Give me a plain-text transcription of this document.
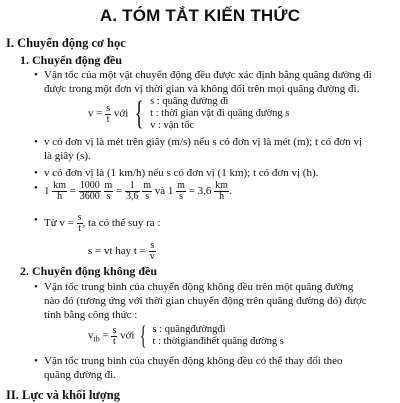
A. TÓM TẮT KIẾN THỨC
I. Chuyển động cơ học
1. Chuyển động đều
• Vận tốc của một vật chuyển động đều được xác định bằng quãng đường đi
được trong một đơn vị thời gian và không đổi trên mọi quãng đường đi.
$v = \frac{s}{t}$ với { s : quãng đường đi
t : thời gian vật đi quãng đường s
v : vận tốc
• v có đơn vị là mét trên giây (m/s) nếu s có đơn vị là mét (m); t có đơn vị
là giây (s).
• v có đơn vị là (1 km/h) nếu s có đơn vị (1 km); t có đơn vị (h).
• $1 \frac{km}{h} = \frac{1000}{3600}$
$\frac{m}{s} = \frac{1}{3,6}$
$\frac{m}{s}$ và $1 \frac{m}{s} = 3,6 \frac{km}{h}$ .
• Từ $v = \frac{s}{t}$ , ta có thể suy ra :
s = vt hay $t = \frac{s}{v}$
2. Chuyển động không đều
• Vận tốc trung bình của chuyển động không đều trên một quãng đường
nào đó (tương ứng với thời gian chuyển động trên quãng đường đó) được
tính bằng công thức :
$v_{tb} = \frac{s}{t}$ với { s : quãngđườngđi
t : thờigianđihết quãng đường s
• Vận tốc trung bình của chuyển động không đều có thể thay đổi theo
quãng đường đi.
II. Lực và khối lượng
